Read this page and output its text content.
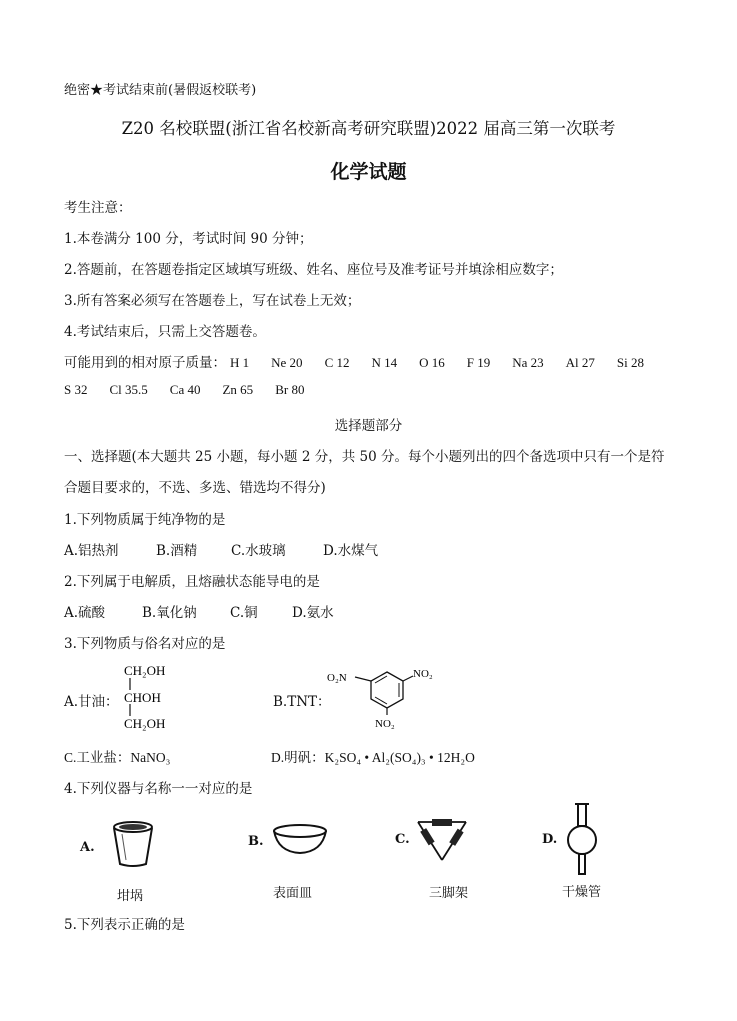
绝密★考试结束前(暑假返校联考)
Z20 名校联盟(浙江省名校新高考研究联盟)2022 届高三第一次联考
化学试题
考生注意：
1.本卷满分 100 分，考试时间 90 分钟；
2.答题前，在答题卷指定区域填写班级、姓名、座位号及准考证号并填涂相应数字；
3.所有答案必须写在答题卷上，写在试卷上无效；
4.考试结束后，只需上交答题卷。
可能用到的相对原子质量： H 1 Ne 20 C 12 N 14 O 16 F 19 Na 23 Al 27 Si 28
S 32 Cl 35.5 Ca 40 Zn 65 Br 80
选择题部分
一、选择题(本大题共 25 小题，每小题 2 分，共 50 分。每个小题列出的四个备选项中只有一个是符
合题目要求的，不选、多选、错选均不得分)
1.下列物质属于纯净物的是
A.铝热剂	B.酒精	C.水玻璃	D.水煤气
2.下列属于电解质，且熔融状态能导电的是
A.硫酸	B.氧化钠 C.铜	D.氨水
3.下列物质与俗名对应的是
A.甘油：
CH₂OH
CHOH
CH₂OH
B.TNT：
O₂N	NO₂
NO₂
C.工业盐：NaNO₃	D.明矾：K₂SO₄ • Al₂(SO₄)₃ • 12H₂O
4.下列仪器与名称一一对应的是
A.	B.	C.	D.
坩埚	表面皿	三脚架	干燥管
5.下列表示正确的是
